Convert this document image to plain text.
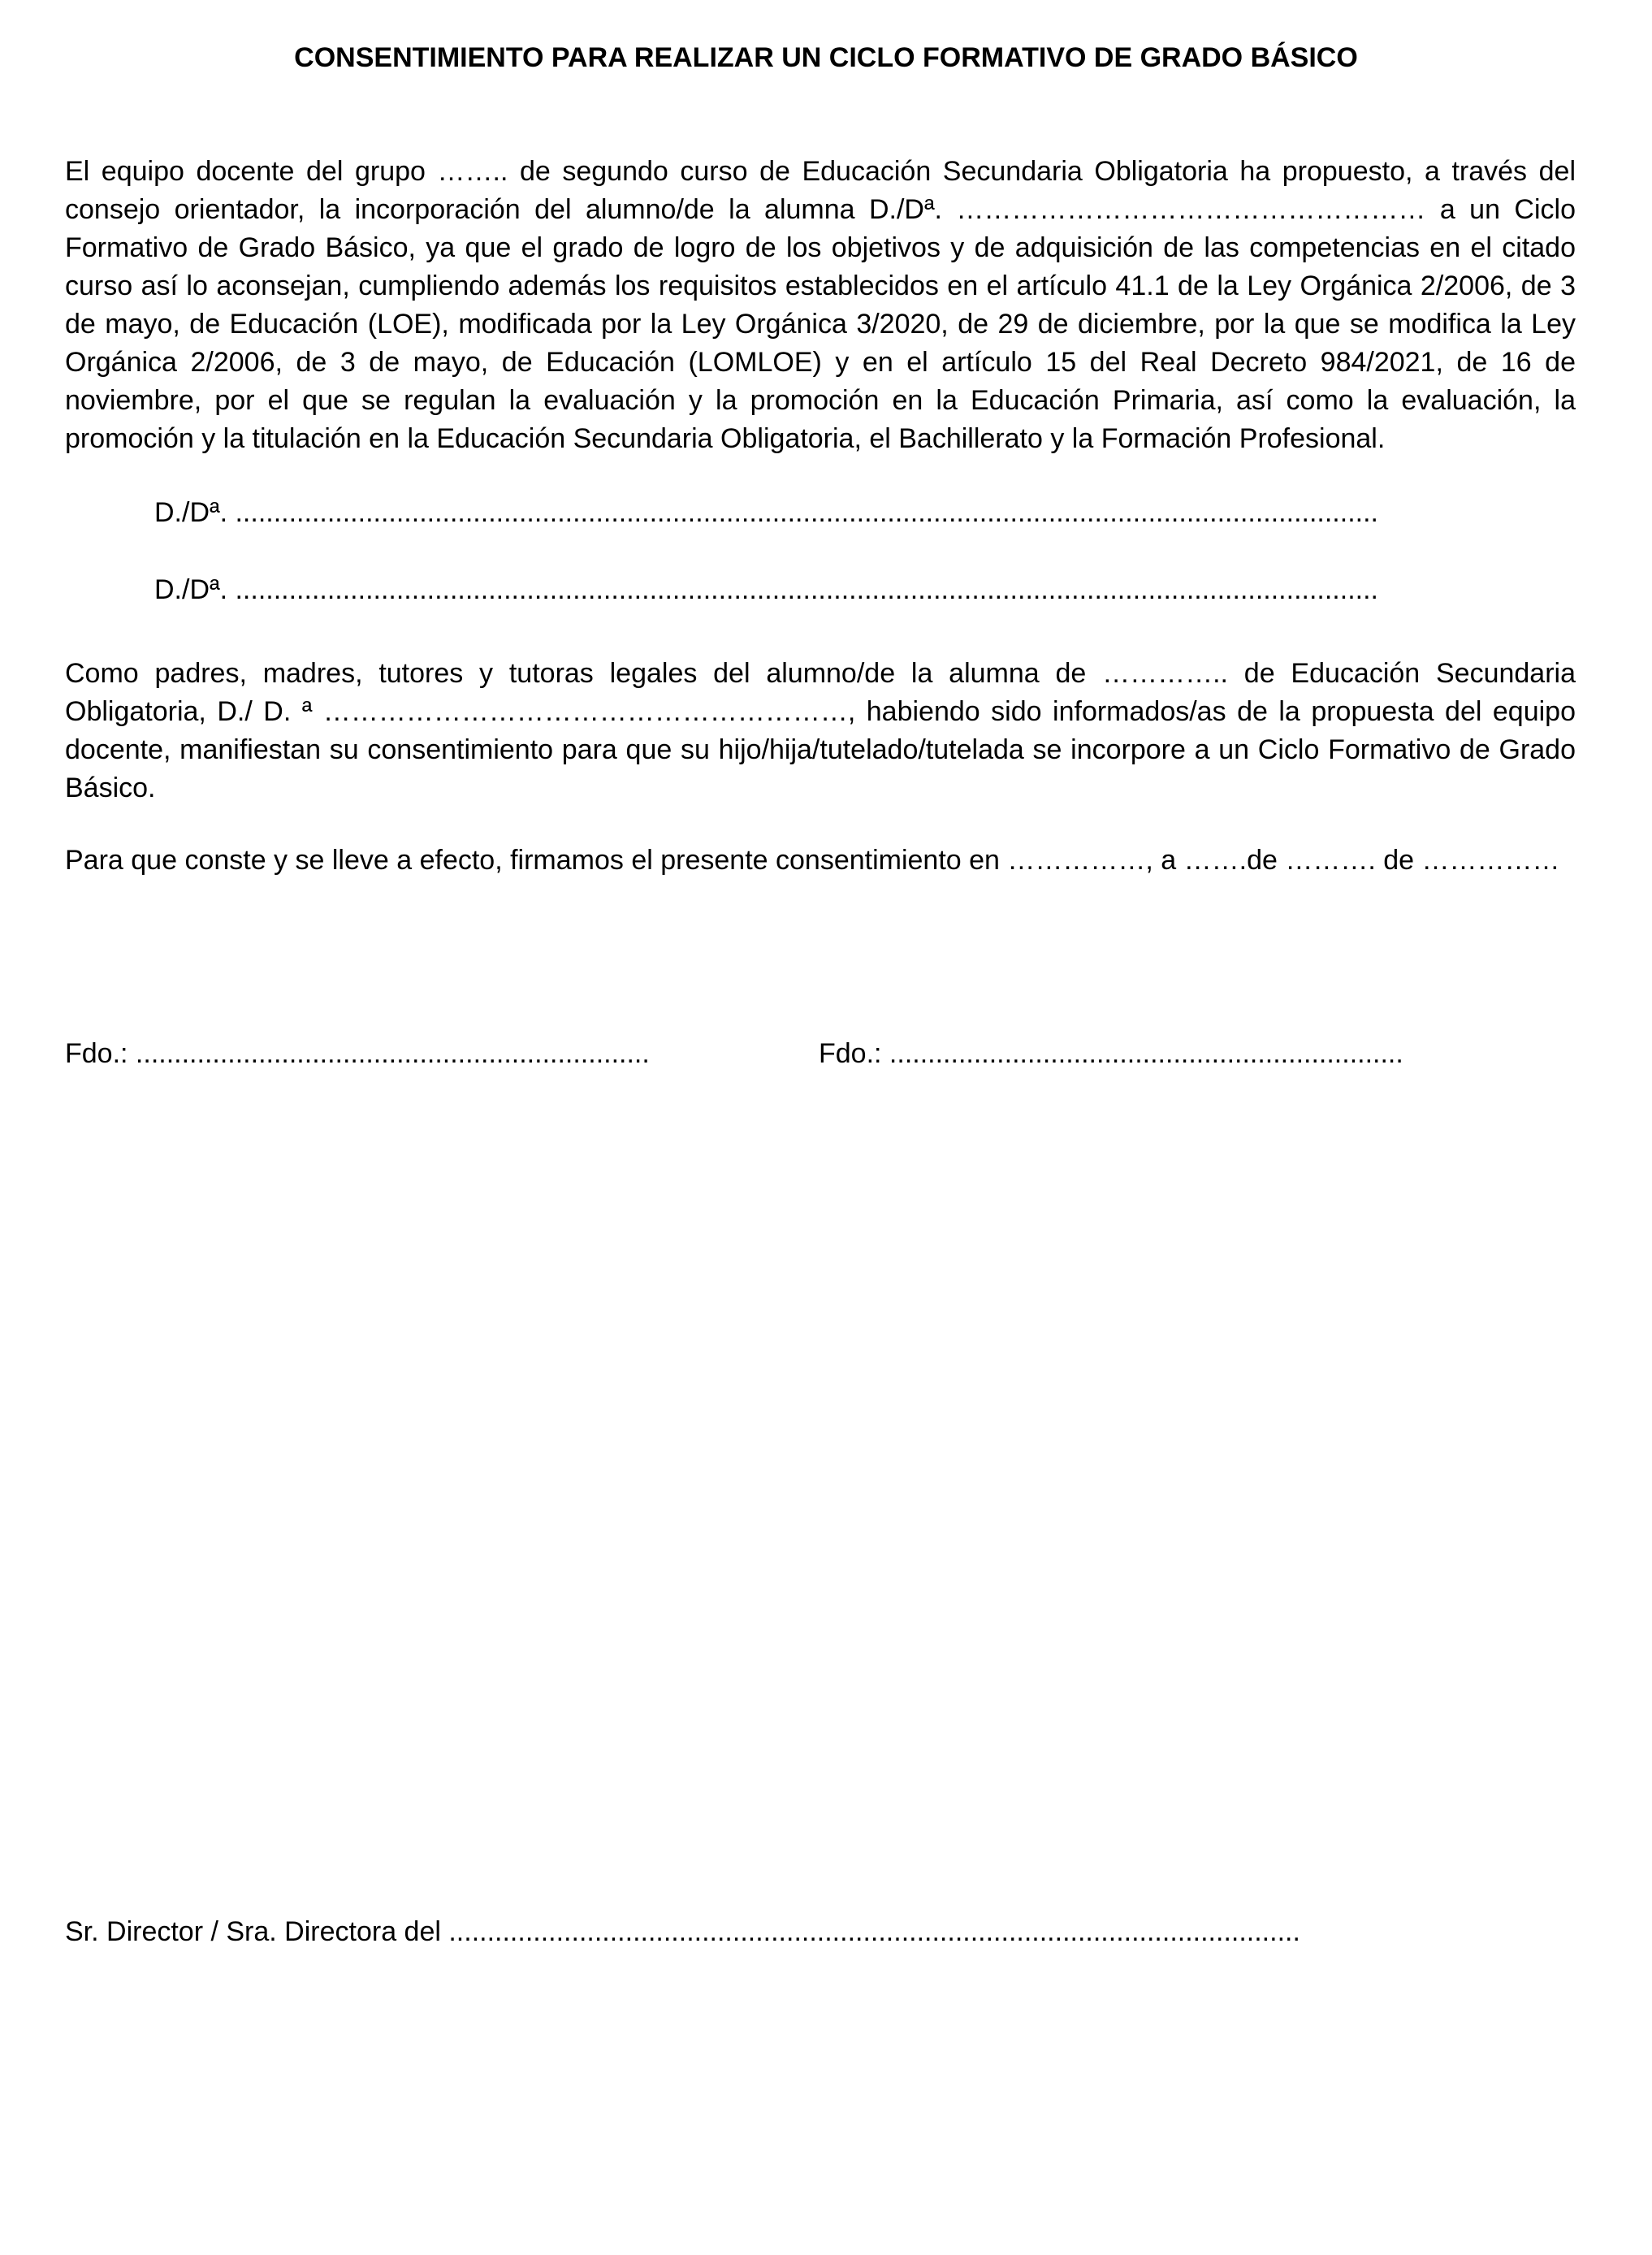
CONSENTIMIENTO PARA REALIZAR UN CICLO FORMATIVO DE GRADO BÁSICO

El equipo docente del grupo …….. de segundo curso de Educación Secundaria Obligatoria ha propuesto, a través del consejo orientador, la incorporación del alumno/de la alumna D./Dª. …………………………………………… a un Ciclo Formativo de Grado Básico, ya que el grado de logro de los objetivos y de adquisición de las competencias en el citado curso así lo aconsejan, cumpliendo además los requisitos establecidos en el artículo 41.1 de la Ley Orgánica 2/2006, de 3 de mayo, de Educación (LOE), modificada por la Ley Orgánica 3/2020, de 29 de diciembre, por la que se modifica la Ley Orgánica 2/2006, de 3 de mayo, de Educación (LOMLOE) y en el artículo 15 del Real Decreto 984/2021, de 16 de noviembre, por el que se regulan la evaluación y la promoción en la Educación Primaria, así como la evaluación, la promoción y la titulación en la Educación Secundaria Obligatoria, el Bachillerato y la Formación Profesional.

D./Dª. .....................................................................................................................................................

D./Dª. .....................................................................................................................................................

Como padres, madres, tutores y tutoras legales del alumno/de la alumna de ………….. de Educación Secundaria Obligatoria, D./ D. ª …………………………………………………, habiendo sido informados/as de la propuesta del equipo docente, manifiestan su consentimiento para que su hijo/hija/tutelado/tutelada se incorpore a un Ciclo Formativo de Grado Básico.

Para que conste y se lleve a efecto, firmamos el presente consentimiento en ……………, a …….de ………. de ……………

Fdo.: ...................................................................	Fdo.: ...................................................................

Sr. Director / Sra. Directora del ...............................................................................................................
